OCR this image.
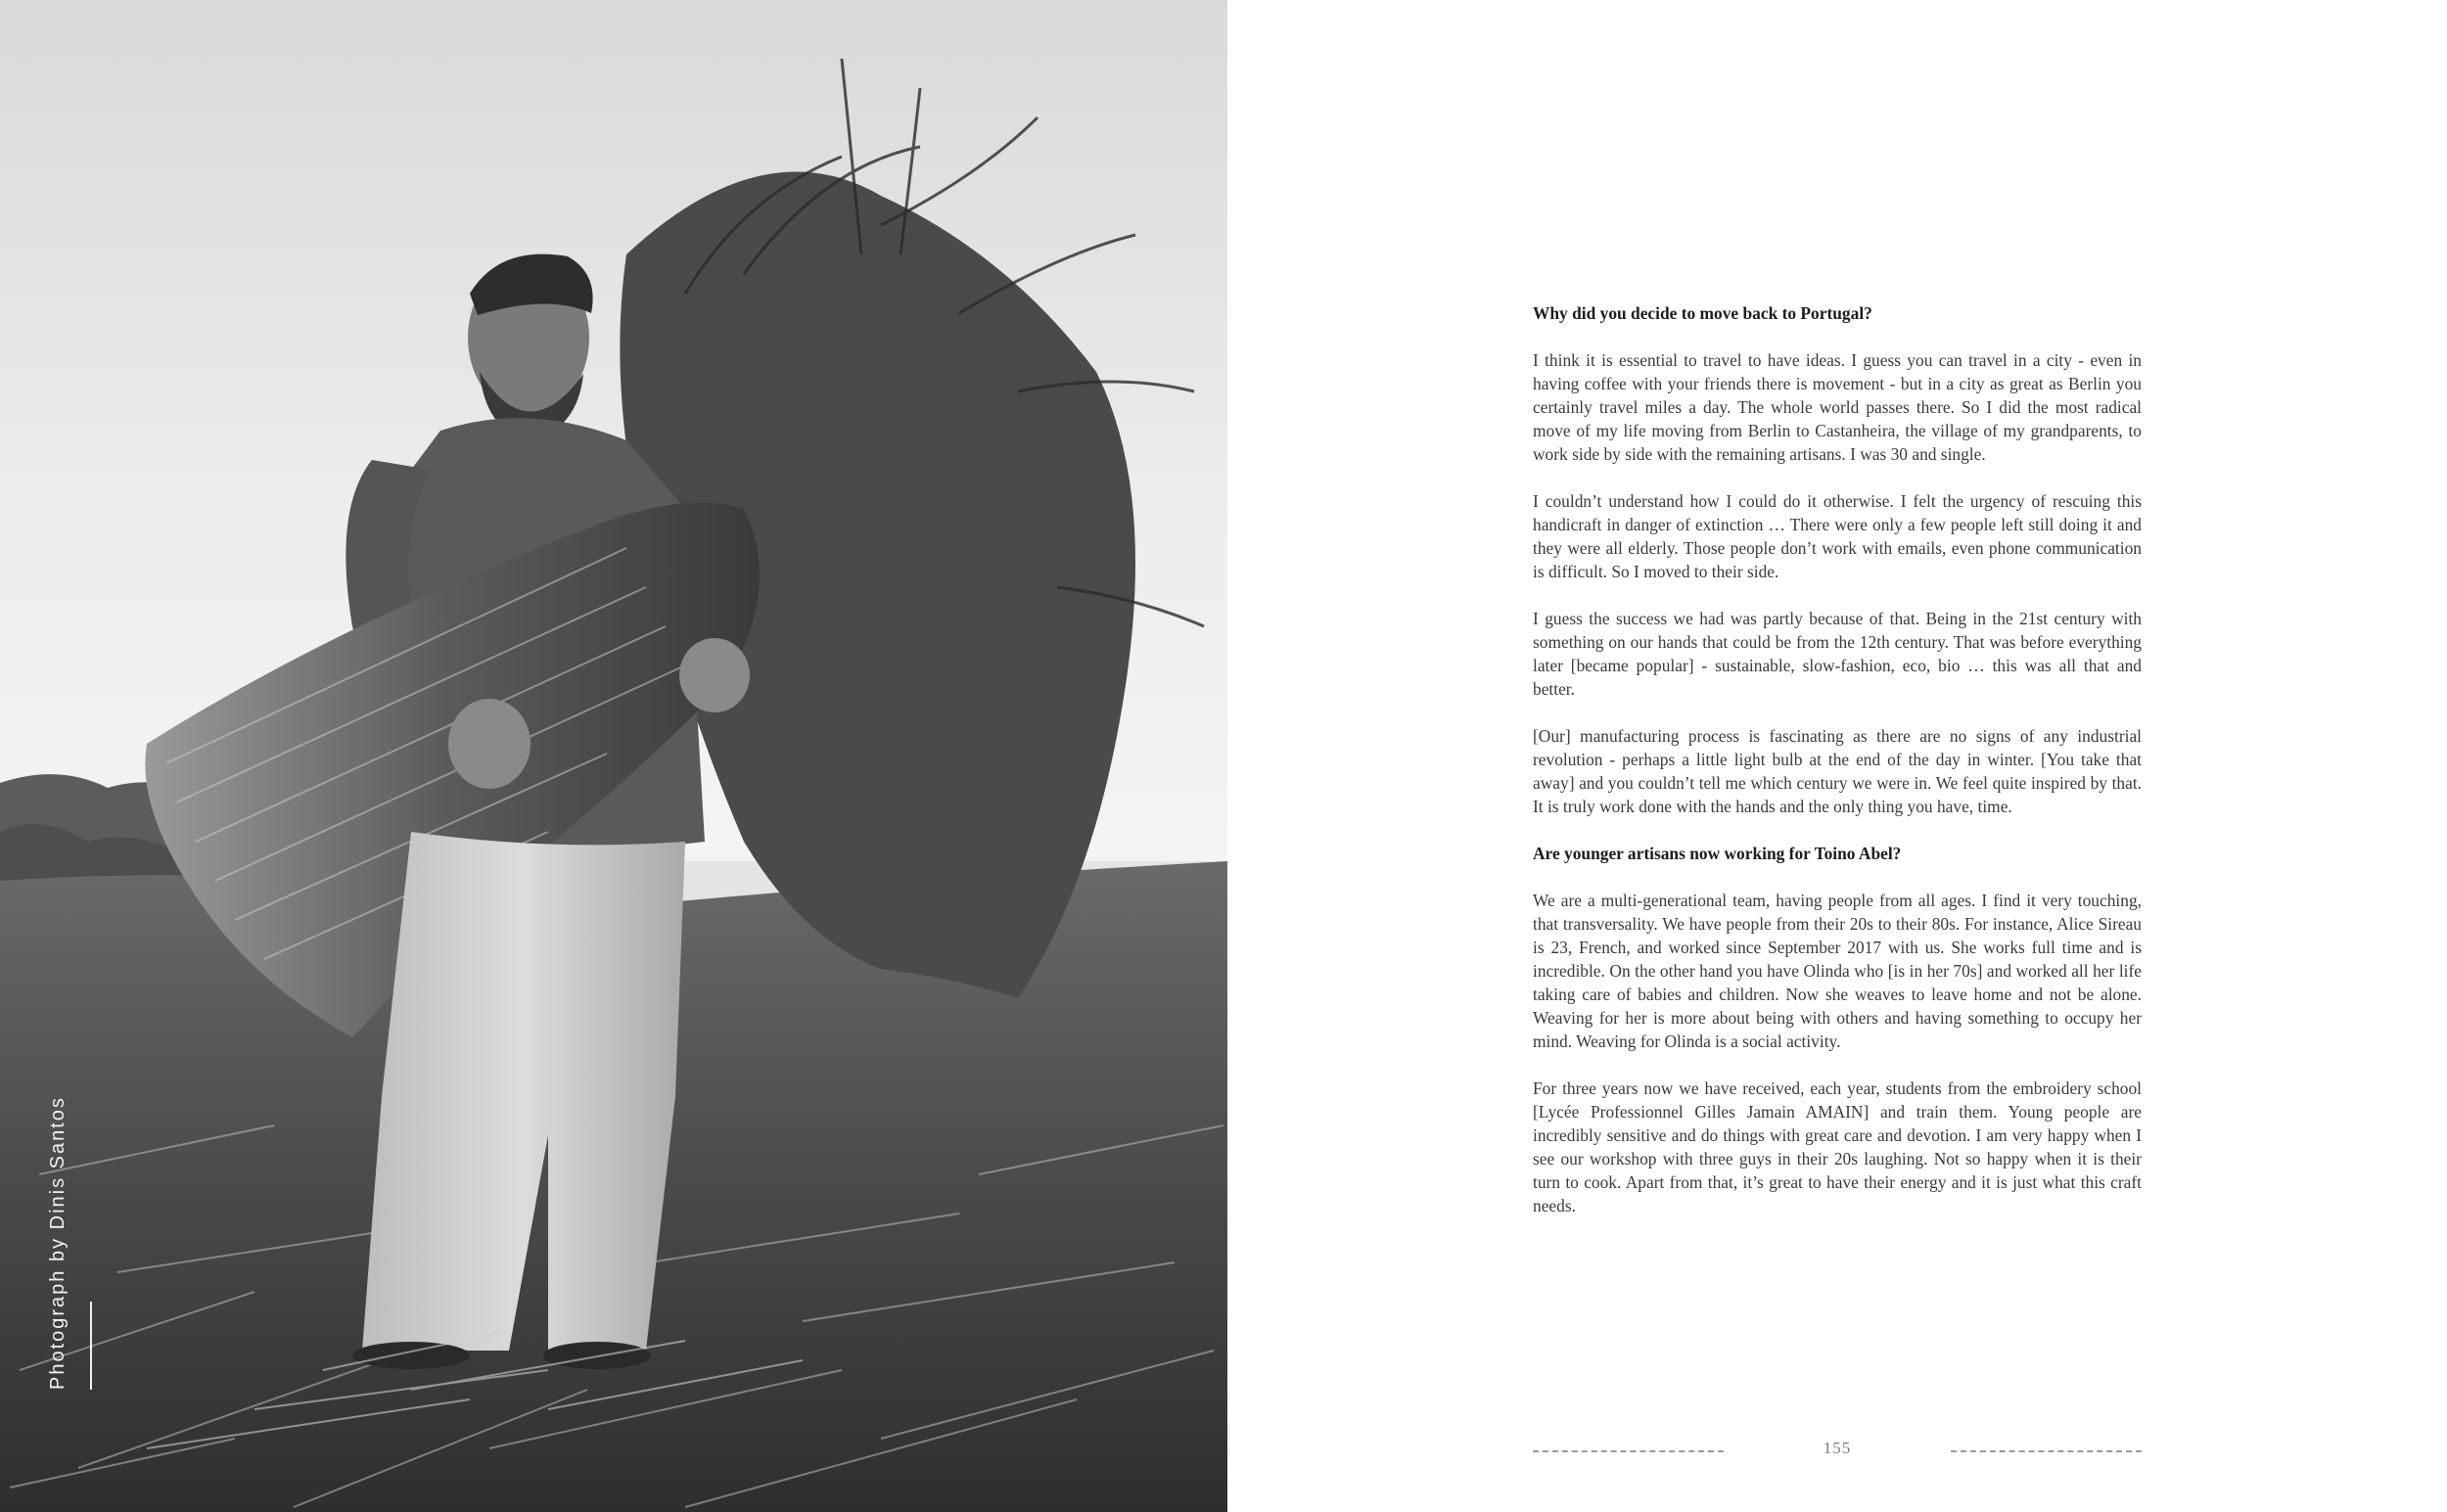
Photograph by Dinis Santos
Why did you decide to move back to Portugal?

I think it is essential to travel to have ideas. I guess you can travel in a city - even in having coffee with your friends there is movement - but in a city as great as Berlin you certainly travel miles a day. The whole world passes there. So I did the most radical move of my life moving from Berlin to Castanheira, the village of my grandparents, to work side by side with the remaining artisans. I was 30 and single.

I couldn’t understand how I could do it otherwise. I felt the urgency of rescuing this handicraft in danger of extinction … There were only a few people left still doing it and they were all elderly. Those people don’t work with emails, even phone communication is difficult. So I moved to their side.

I guess the success we had was partly because of that. Being in the 21st century with something on our hands that could be from the 12th century. That was before everything later [became popular] - sustainable, slow-fashion, eco, bio … this was all that and better.

[Our] manufacturing process is fascinating as there are no signs of any industrial revolution - perhaps a little light bulb at the end of the day in winter. [You take that away] and you couldn’t tell me which century we were in. We feel quite inspired by that. It is truly work done with the hands and the only thing you have, time.

Are younger artisans now working for Toino Abel?

We are a multi-generational team, having people from all ages. I find it very touching, that transversality. We have people from their 20s to their 80s. For instance, Alice Sireau is 23, French, and worked since September 2017 with us. She works full time and is incredible. On the other hand you have Olinda who [is in her 70s] and worked all her life taking care of babies and children. Now she weaves to leave home and not be alone. Weaving for her is more about being with others and having something to occupy her mind. Weaving for Olinda is a social activity.

For three years now we have received, each year, students from the embroidery school [Lycée Professionnel Gilles Jamain AMAIN] and train them. Young people are incredibly sensitive and do things with great care and devotion. I am very happy when I see our workshop with three guys in their 20s laughing. Not so happy when it is their turn to cook. Apart from that, it’s great to have their energy and it is just what this craft needs.

155
